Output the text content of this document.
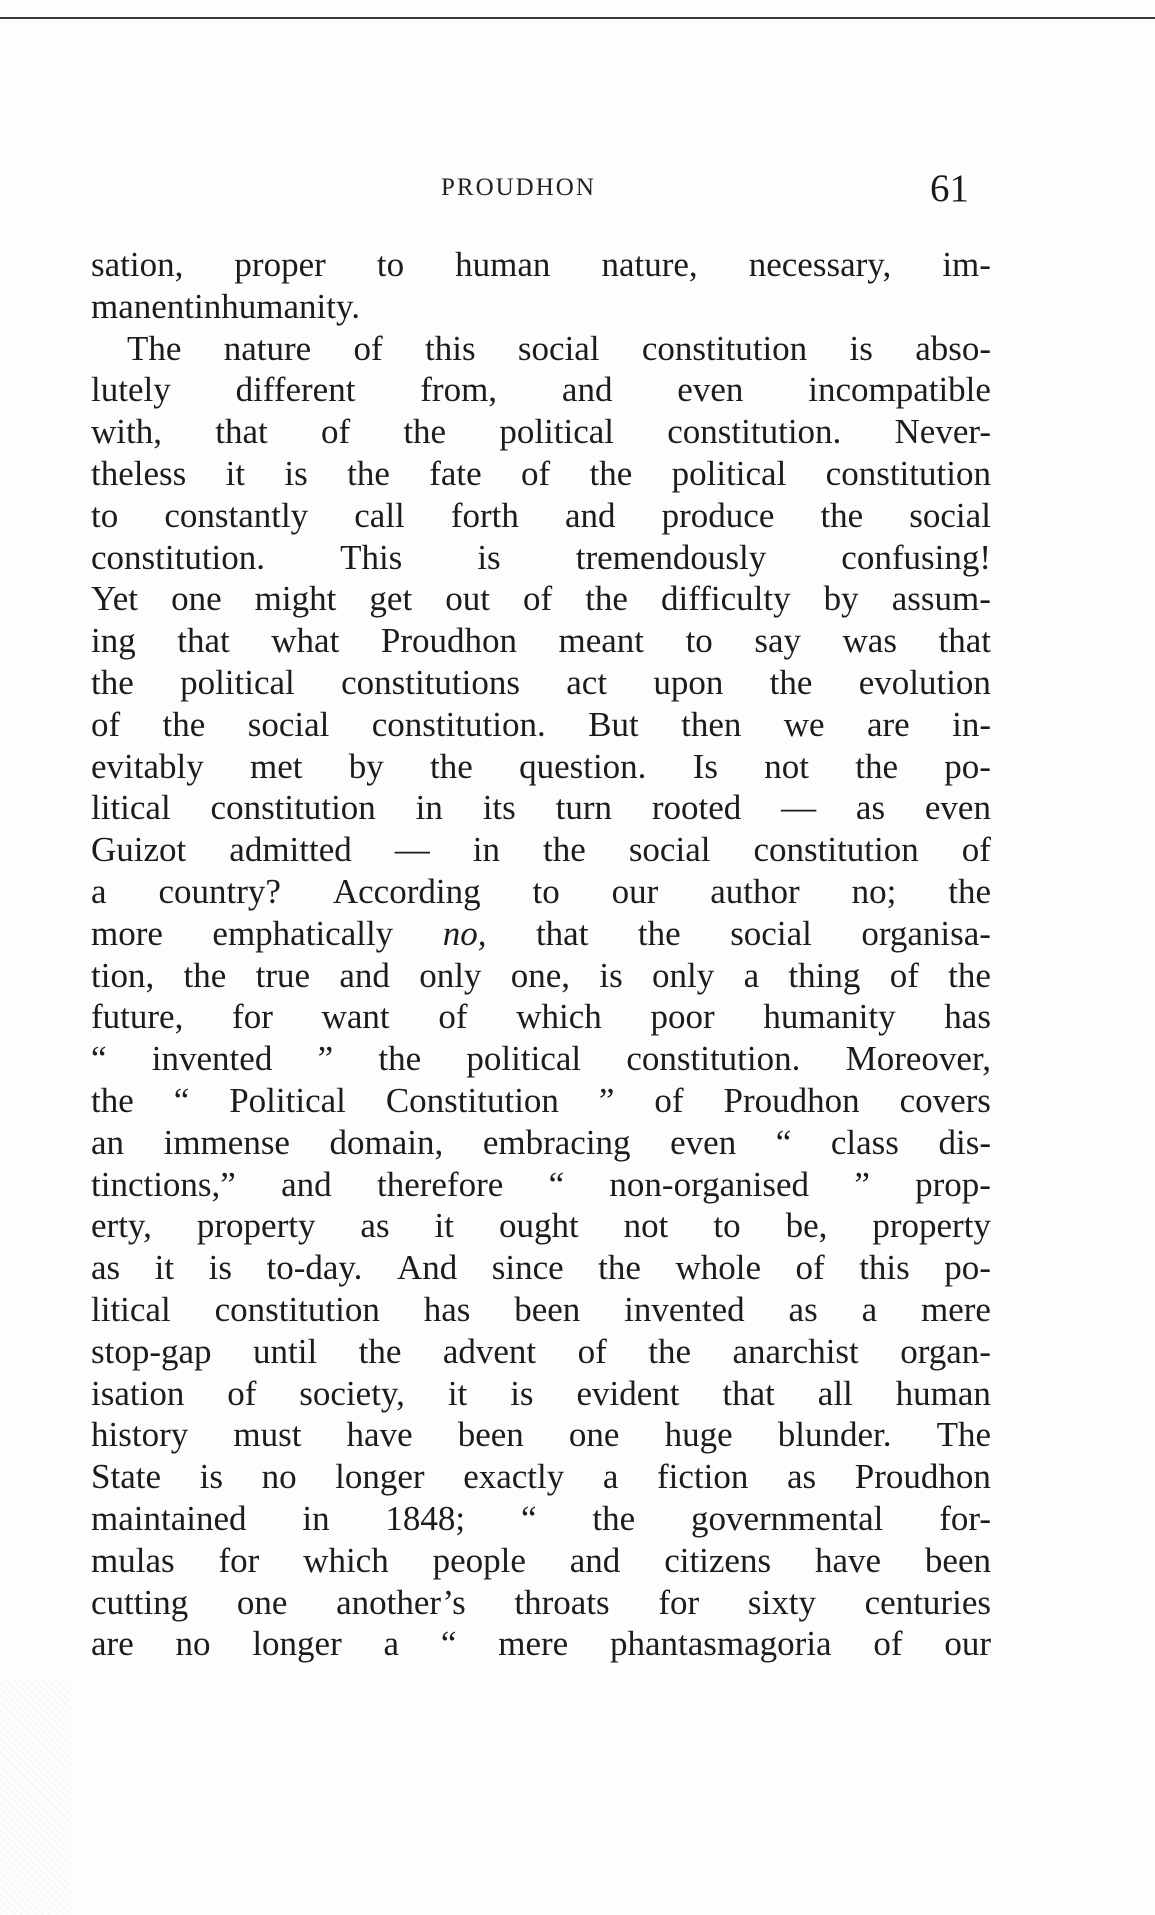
PROUDHON	61
sation, proper to human nature, necessary, im-
manent in humanity.
The nature of this social constitution is abso-
lutely different from, and even incompatible
with, that of the political constitution. Never-
theless it is the fate of the political constitution
to constantly call forth and produce the social
constitution. This is tremendously confusing!
Yet one might get out of the difficulty by assum-
ing that what Proudhon meant to say was that
the political constitutions act upon the evolution
of the social constitution. But then we are in-
evitably met by the question. Is not the po-
litical constitution in its turn rooted — as even
Guizot admitted — in the social constitution of
a country? According to our author no; the
more emphatically no, that the social organisa-
tion, the true and only one, is only a thing of the
future, for want of which poor humanity has
“ invented ” the political constitution. Moreover,
the “ Political Constitution ” of Proudhon covers
an immense domain, embracing even “ class dis-
tinctions,” and therefore “ non-organised ” prop-
erty, property as it ought not to be, property
as it is to-day. And since the whole of this po-
litical constitution has been invented as a mere
stop-gap until the advent of the anarchist organ-
isation of society, it is evident that all human
history must have been one huge blunder. The
State is no longer exactly a fiction as Proudhon
maintained in 1848; “ the governmental for-
mulas for which people and citizens have been
cutting one another’s throats for sixty centuries
are no longer a “ mere phantasmagoria of our
